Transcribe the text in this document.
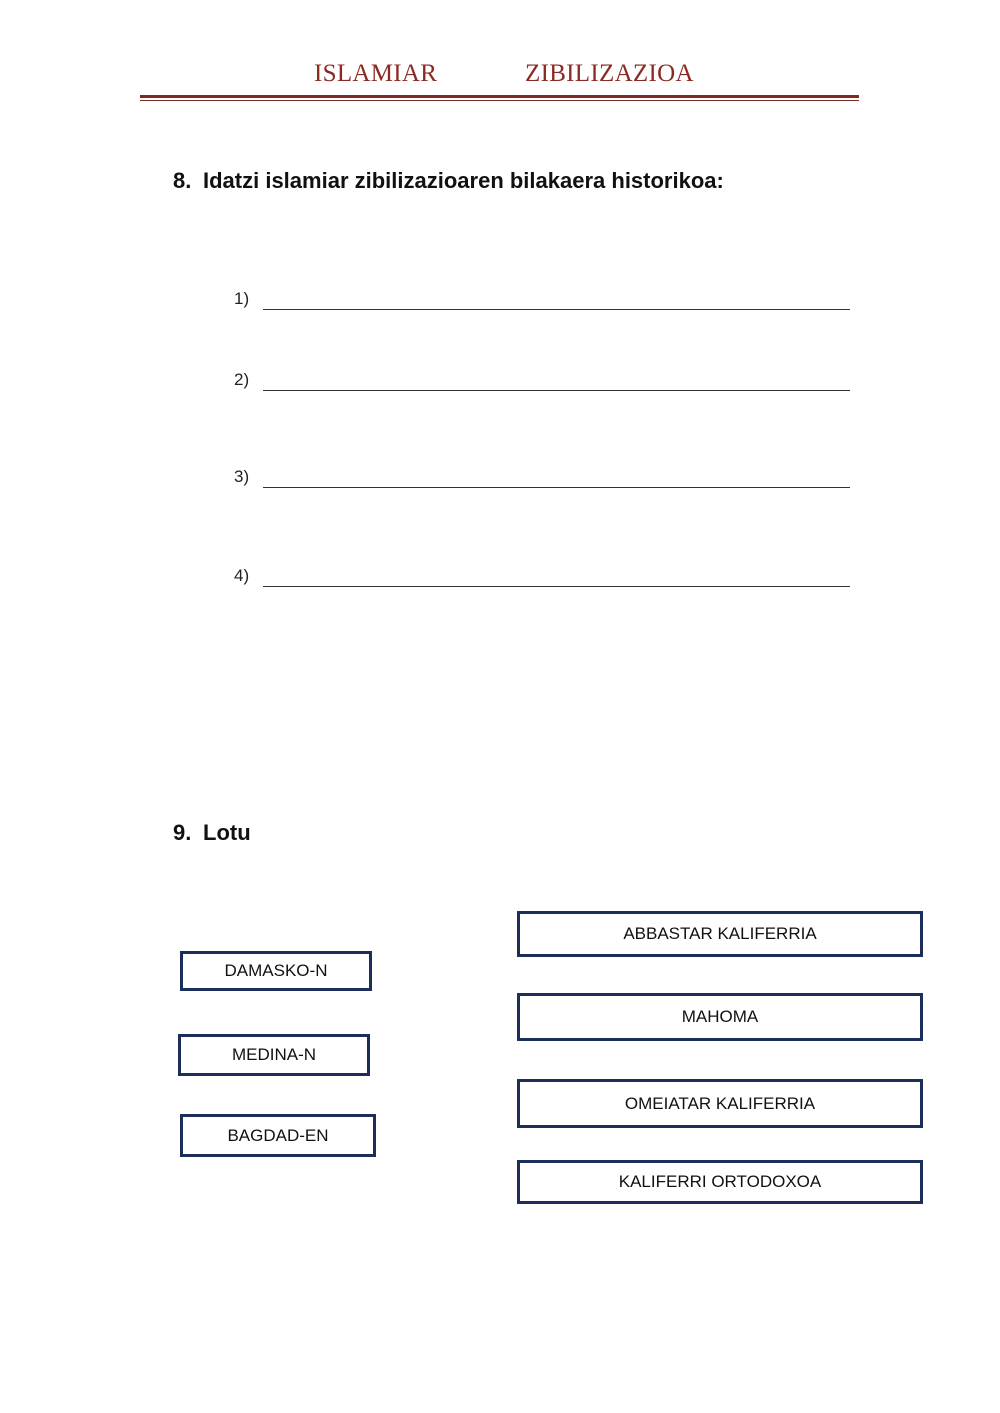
ISLAMIAR	ZIBILIZAZIOA
8. Idatzi islamiar zibilizazioaren bilakaera historikoa:
1)
2)
3)
4)
9. Lotu
DAMASKO-N
MEDINA-N
BAGDAD-EN
ABBASTAR KALIFERRIA
MAHOMA
OMEIATAR KALIFERRIA
KALIFERRI ORTODOXOA
